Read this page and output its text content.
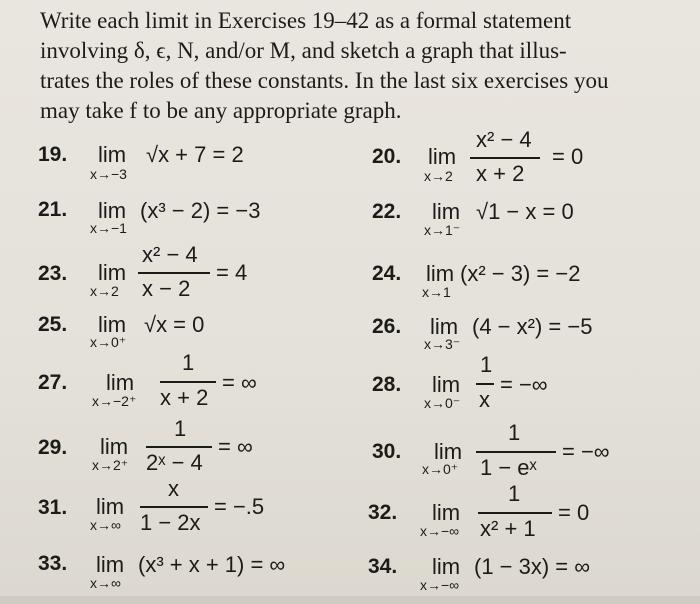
Write each limit in Exercises 19–42 as a formal statement
involving δ, ϵ, N, and/or M, and sketch a graph that illus-
trates the roles of these constants. In the last six exercises you
may take f to be any appropriate graph.
19. lim
x→−3
√x + 7 = 2	20. lim
x→2
x² − 4
x + 2
= 0
21. lim
x→−1
(x³ − 2) = −3	22. lim
x→1⁻
√1 − x = 0
23. lim
x→2
x² − 4
x − 2
= 4	24. lim
x→1
(x² − 3) = −2
25. lim
x→0⁺
√x = 0	26. lim
x→3⁻
(4 − x²) = −5
27. lim
x→−2⁺
1
x + 2
= ∞	28. lim
x→0⁻
1
x
= −∞
29. lim
x→2⁺
1
2ˣ − 4
= ∞	30. lim
x→0⁺
1
1 − eˣ
= −∞
31. lim
x→∞
x
1 − 2x
= −.5	32. lim
x→−∞
1
x² + 1
= 0
33. lim
x→∞
(x³ + x + 1) = ∞	34. lim
x→−∞
(1 − 3x) = ∞
